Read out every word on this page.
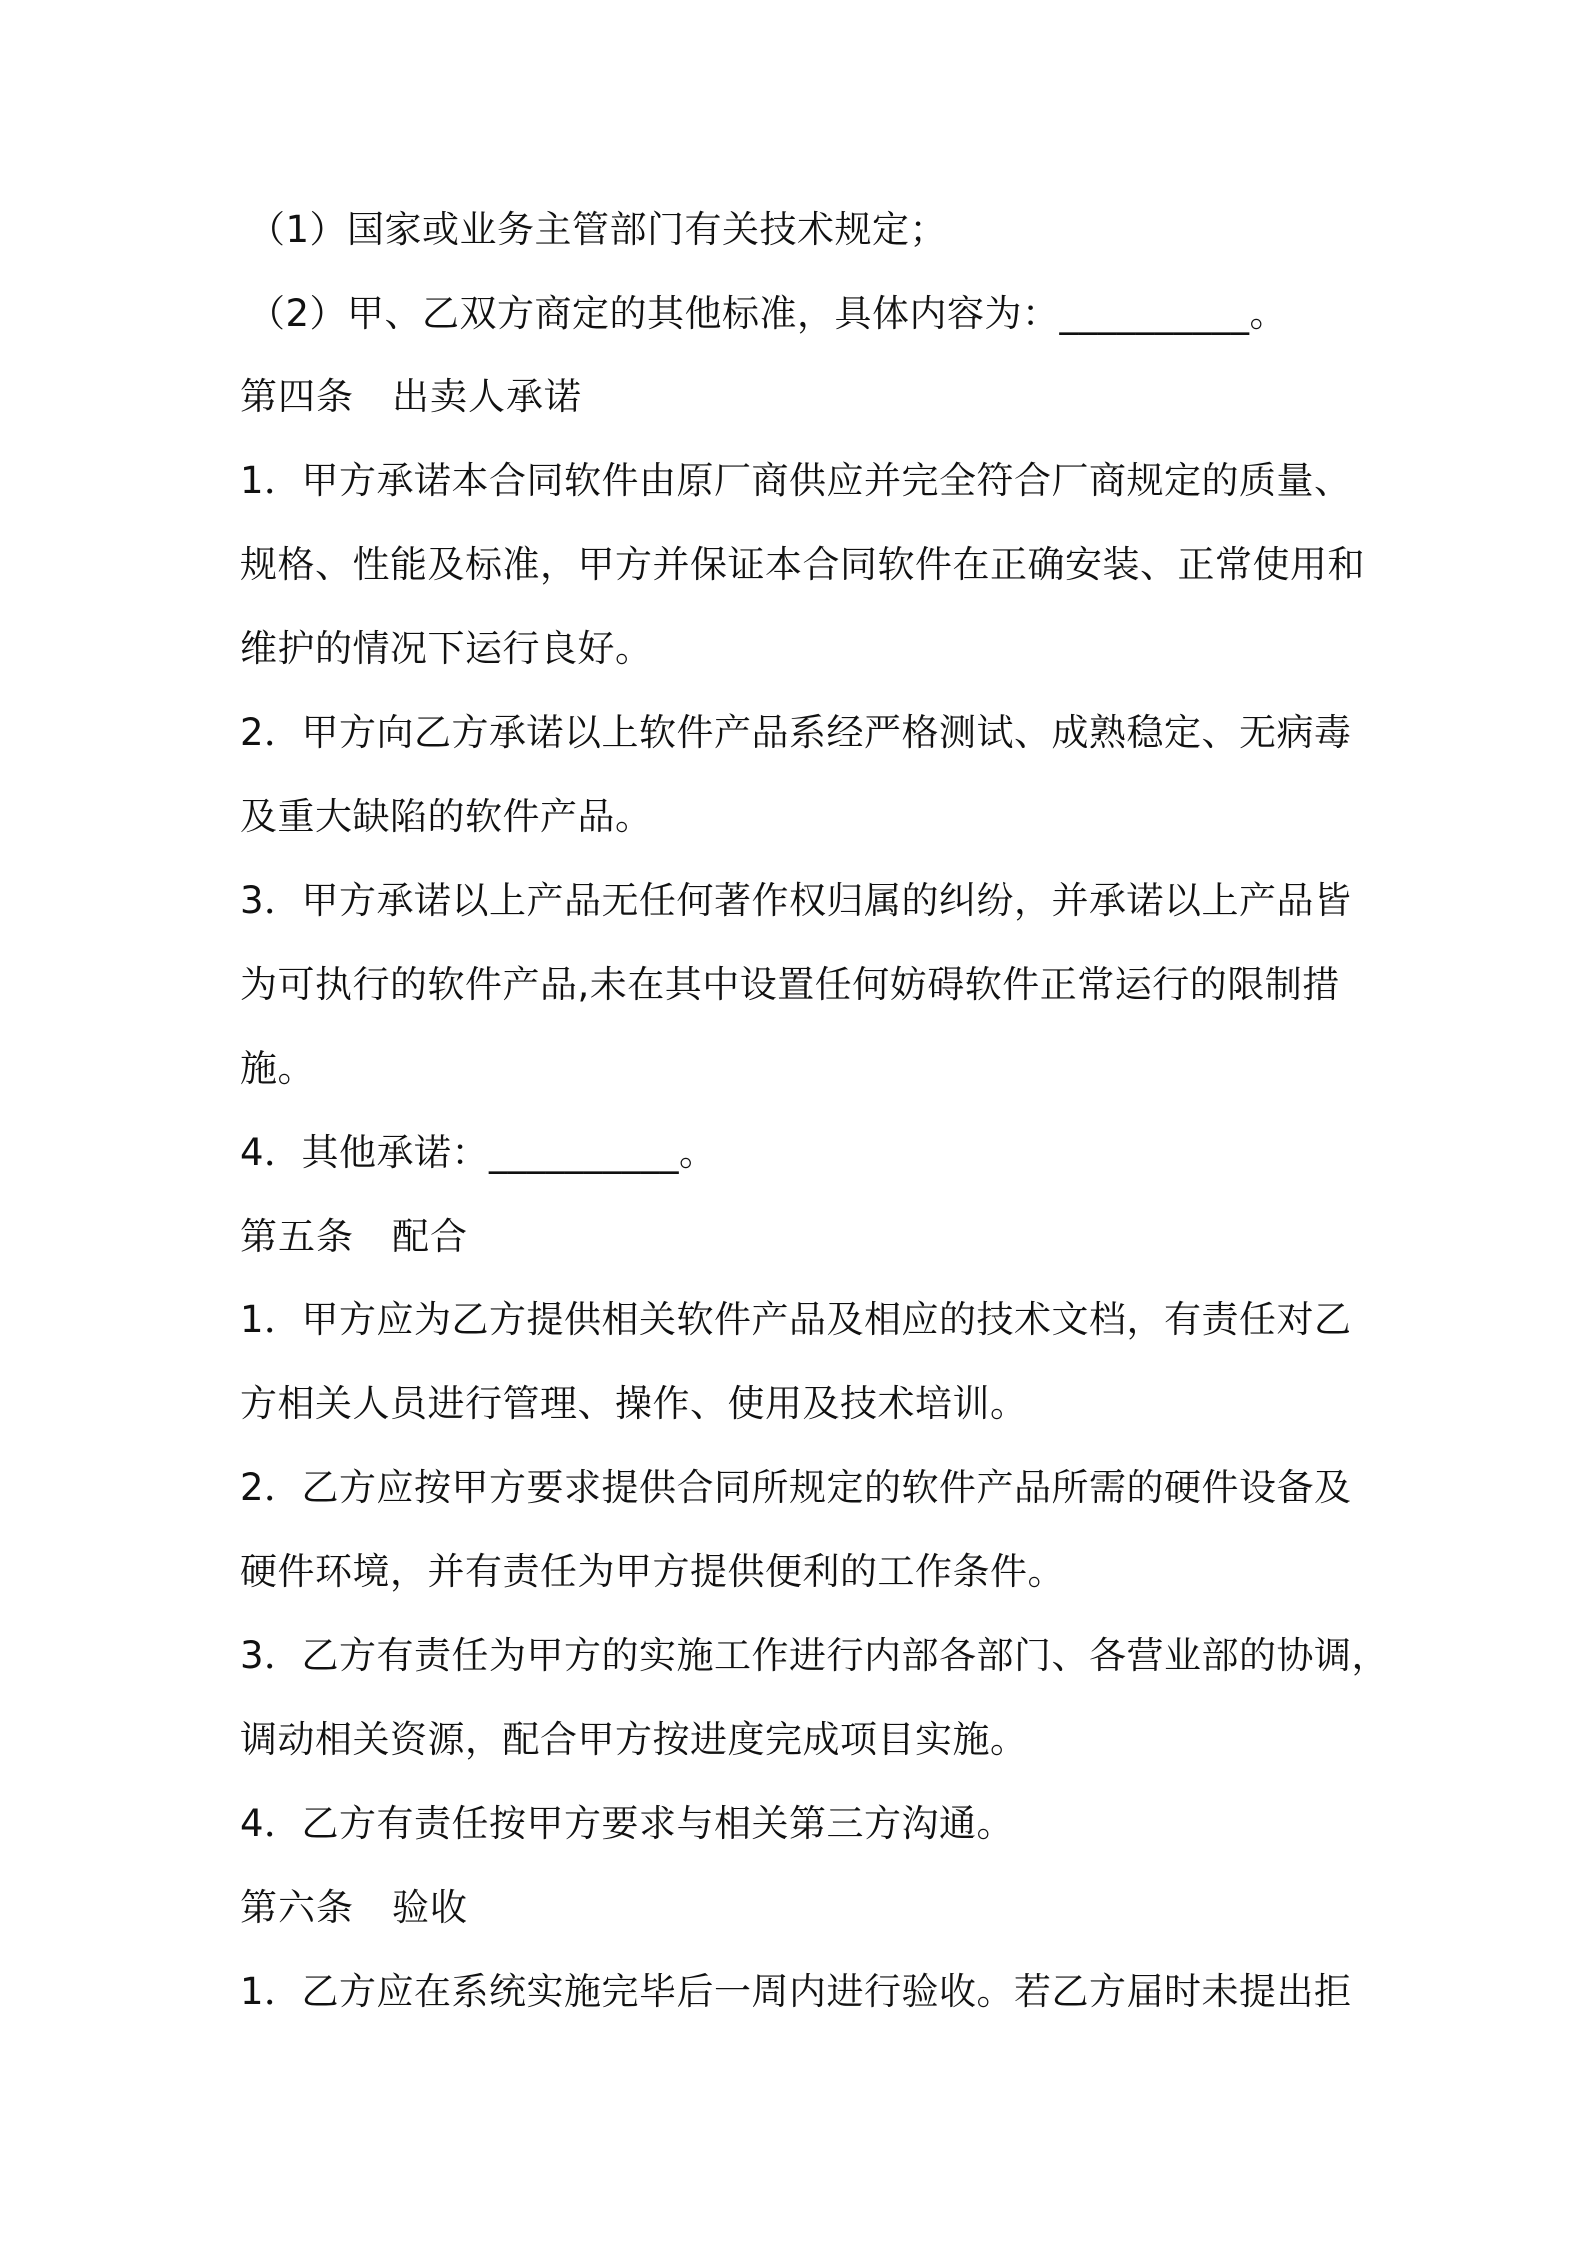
（1）国家或业务主管部门有关技术规定；
（2）甲、乙双方商定的其他标准，具体内容为：__________。
第四条　出卖人承诺
1．甲方承诺本合同软件由原厂商供应并完全符合厂商规定的质量、
规格、性能及标准，甲方并保证本合同软件在正确安装、正常使用和
维护的情况下运行良好。
2．甲方向乙方承诺以上软件产品系经严格测试、成熟稳定、无病毒
及重大缺陷的软件产品。
3．甲方承诺以上产品无任何著作权归属的纠纷，并承诺以上产品皆
为可执行的软件产品,未在其中设置任何妨碍软件正常运行的限制措
施。
4．其他承诺：__________。
第五条　配合
1．甲方应为乙方提供相关软件产品及相应的技术文档，有责任对乙
方相关人员进行管理、操作、使用及技术培训。
2．乙方应按甲方要求提供合同所规定的软件产品所需的硬件设备及
硬件环境，并有责任为甲方提供便利的工作条件。
3．乙方有责任为甲方的实施工作进行内部各部门、各营业部的协调，
调动相关资源，配合甲方按进度完成项目实施。
4．乙方有责任按甲方要求与相关第三方沟通。
第六条　验收
1．乙方应在系统实施完毕后一周内进行验收。若乙方届时未提出拒
